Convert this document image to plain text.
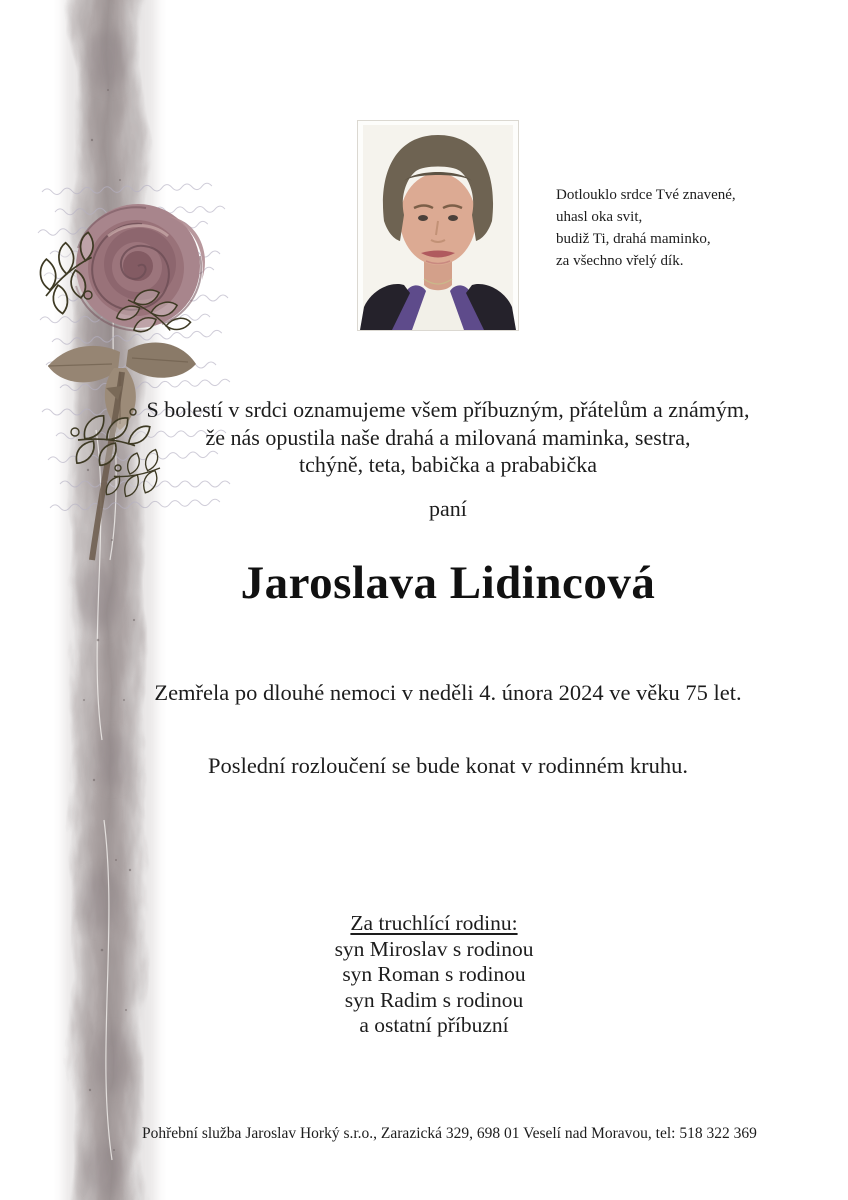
Dotlouklo srdce Tvé znavené,
uhasl oka svit,
budiž Ti, drahá maminko,
za všechno vřelý dík.
S bolestí v srdci oznamujeme všem příbuzným, přátelům a známým,
že nás opustila naše drahá a milovaná maminka, sestra,
tchýně, teta, babička a prababička
paní
Jaroslava Lidincová
Zemřela po dlouhé nemoci v neděli 4. února 2024 ve věku 75 let.
Poslední rozloučení se bude konat v rodinném kruhu.
Za truchlící rodinu:
syn Miroslav s rodinou
syn Roman s rodinou
syn Radim s rodinou
a ostatní příbuzní
Pohřební služba Jaroslav Horký s.r.o., Zarazická 329, 698 01 Veselí nad Moravou, tel: 518 322 369
